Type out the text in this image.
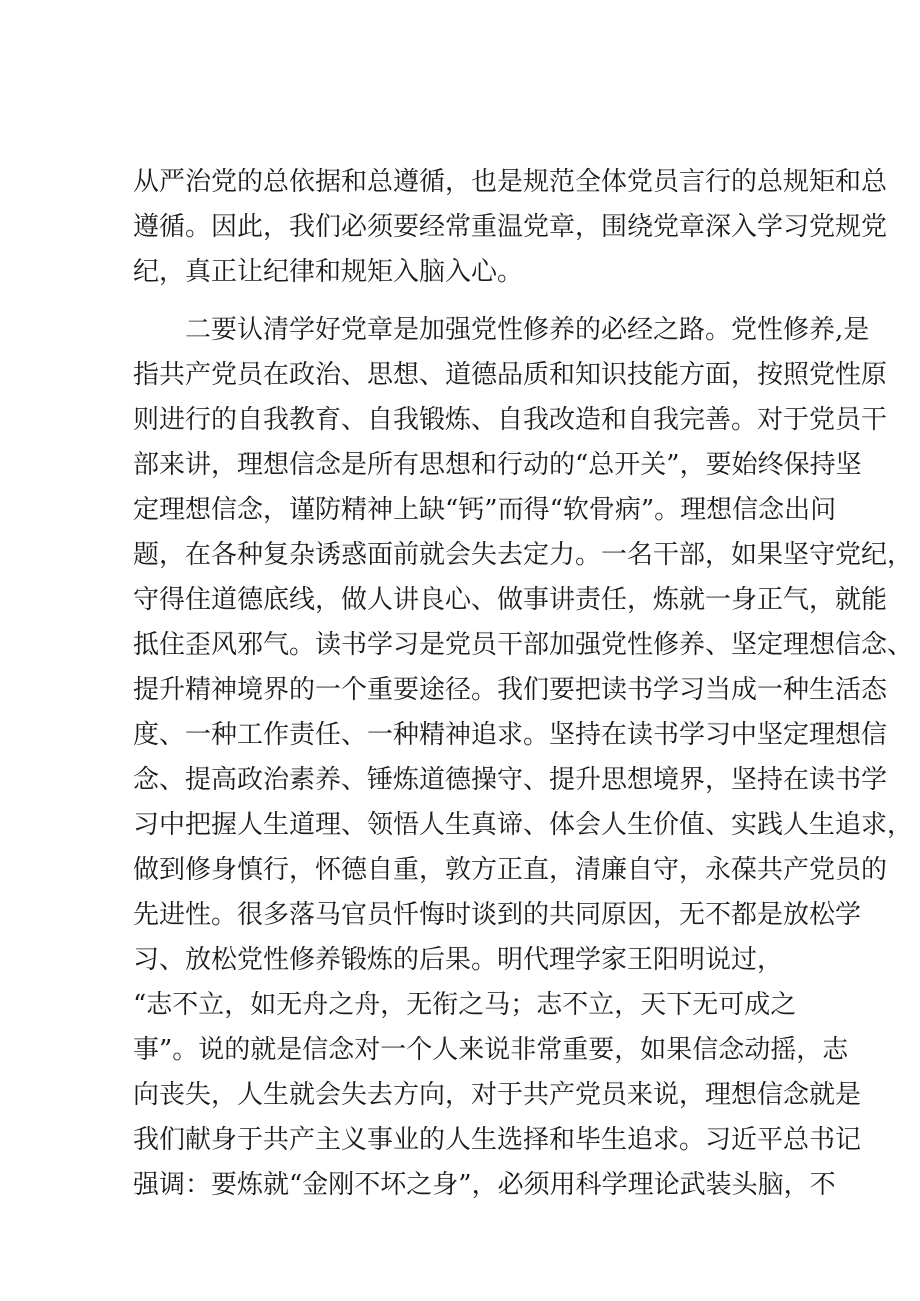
从严治党的总依据和总遵循，也是规范全体党员言行的总规矩和总
遵循。因此，我们必须要经常重温党章，围绕党章深入学习党规党
纪，真正让纪律和规矩入脑入心。
二要认清学好党章是加强党性修养的必经之路。党性修养,是
指共产党员在政治、思想、道德品质和知识技能方面，按照党性原
则进行的自我教育、自我锻炼、自我改造和自我完善。对于党员干
部来讲，理想信念是所有思想和行动的“总开关”，要始终保持坚
定理想信念，谨防精神上缺“钙”而得“软骨病”。理想信念出问
题，在各种复杂诱惑面前就会失去定力。一名干部，如果坚守党纪，
守得住道德底线，做人讲良心、做事讲责任，炼就一身正气，就能
抵住歪风邪气。读书学习是党员干部加强党性修养、坚定理想信念、
提升精神境界的一个重要途径。我们要把读书学习当成一种生活态
度、一种工作责任、一种精神追求。坚持在读书学习中坚定理想信
念、提高政治素养、锤炼道德操守、提升思想境界，坚持在读书学
习中把握人生道理、领悟人生真谛、体会人生价值、实践人生追求，
做到修身慎行，怀德自重，敦方正直，清廉自守，永葆共产党员的
先进性。很多落马官员忏悔时谈到的共同原因，无不都是放松学
习、放松党性修养锻炼的后果。明代理学家王阳明说过，
“志不立，如无舟之舟，无衔之马；志不立，天下无可成之
事”。说的就是信念对一个人来说非常重要，如果信念动摇，志
向丧失，人生就会失去方向，对于共产党员来说，理想信念就是
我们献身于共产主义事业的人生选择和毕生追求。习近平总书记
强调：要炼就“金刚不坏之身”，必须用科学理论武装头脑，不
